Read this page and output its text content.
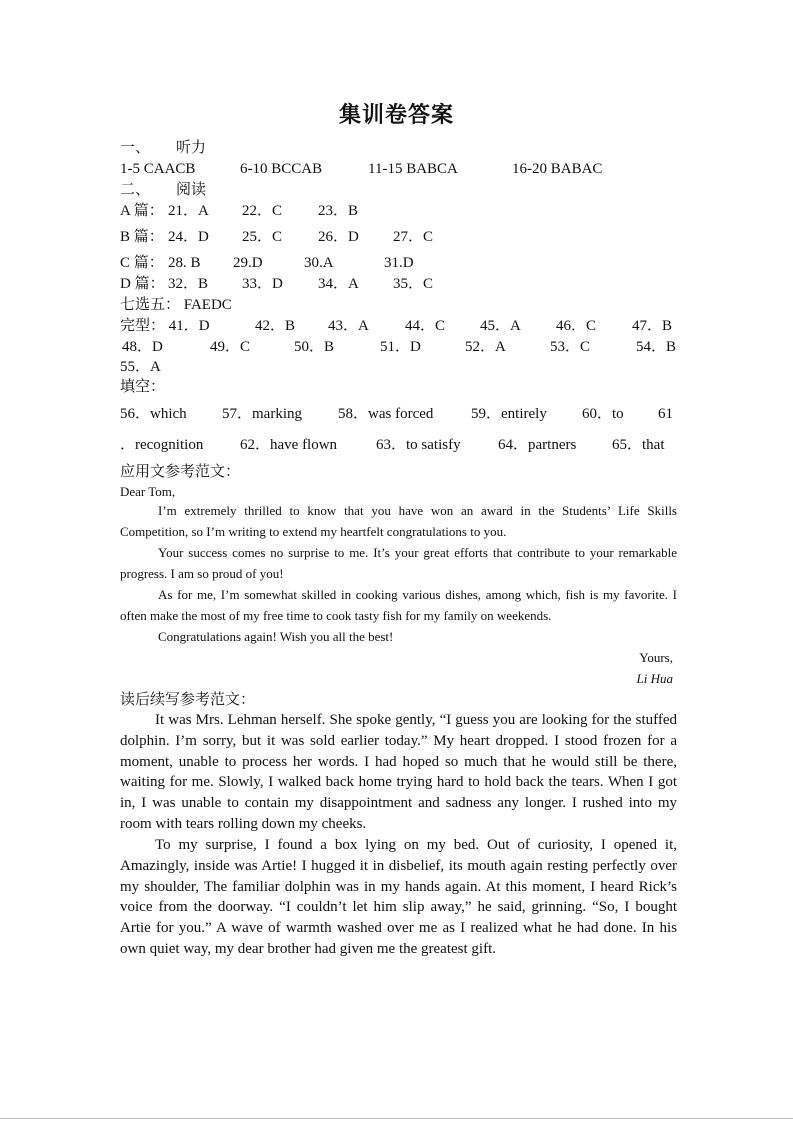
集训卷答案
一、 听力
1-5 CAACB	6-10 BCCAB	11-15 BABCA	16-20 BABAC
二、 阅读
A 篇： 21．A 22．C 23．B
B 篇： 24．D 25．C 26．D 27．C
C 篇： 28. B 29.D	30.A	31.D
D 篇： 32．B 33．D 34．A 35．C
七选五： FAEDC
完型： 41．D	42．B 43．A 44．C 45．A 46．C 47．B
48．D	49．C	50．B	51．D	52．A	53．C	54．B
55．A
填空：
56．which 57．marking 58．was forced	59．entirely 60．to 61
．recognition 62．have flown	63．to satisfy 64．partners 65．that
应用文参考范文：
Dear Tom,
I’m extremely thrilled to know that you have won an award in the Students’ Life Skills Competition, so I’m writing to extend my heartfelt congratulations to you.
Your success comes no surprise to me. It’s your great efforts that contribute to your remarkable progress. I am so proud of you!
As for me, I’m somewhat skilled in cooking various dishes, among which, fish is my favorite. I often make the most of my free time to cook tasty fish for my family on weekends.
Congratulations again! Wish you all the best!
Yours,
Li Hua
读后续写参考范文：
It was Mrs. Lehman herself. She spoke gently, “I guess you are looking for the stuffed dolphin. I’m sorry, but it was sold earlier today.” My heart dropped. I stood frozen for a moment, unable to process her words. I had hoped so much that he would still be there, waiting for me. Slowly, I walked back home trying hard to hold back the tears. When I got in, I was unable to contain my disappointment and sadness any longer. I rushed into my room with tears rolling down my cheeks.
To my surprise, I found a box lying on my bed. Out of curiosity, I opened it, Amazingly, inside was Artie! I hugged it in disbelief, its mouth again resting perfectly over my shoulder, The familiar dolphin was in my hands again. At this moment, I heard Rick’s voice from the doorway. “I couldn’t let him slip away,” he said, grinning. “So, I bought Artie for you.” A wave of warmth washed over me as I realized what he had done. In his own quiet way, my dear brother had given me the greatest gift.
